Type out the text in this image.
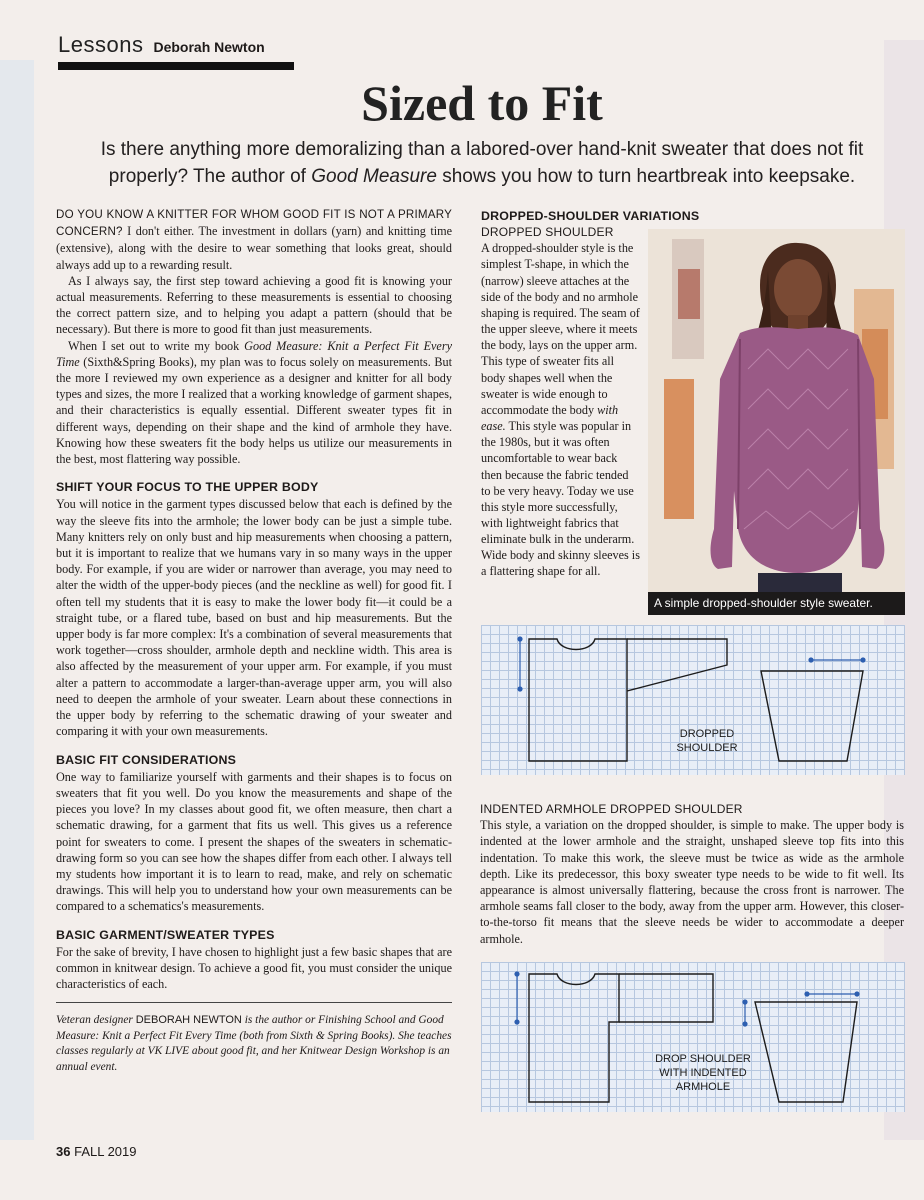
Lessons Deborah Newton
Sized to Fit
Is there anything more demoralizing than a labored-over hand-knit sweater that does not fit properly? The author of Good Measure shows you how to turn heartbreak into keepsake.

DO YOU KNOW A KNITTER FOR WHOM GOOD FIT IS NOT A PRIMARY CONCERN? I don't either. The investment in dollars (yarn) and knitting time (extensive), along with the desire to wear something that looks great, should always add up to a rewarding result.

As I always say, the first step toward achieving a good fit is knowing your actual measurements. Referring to these measurements is essential to choosing the correct pattern size, and to helping you adapt a pattern (should that be necessary). But there is more to good fit than just measurements.

When I set out to write my book Good Measure: Knit a Perfect Fit Every Time (Sixth&Spring Books), my plan was to focus solely on measurements. But the more I reviewed my own experience as a designer and knitter for all body types and sizes, the more I realized that a working knowledge of garment shapes, and their characteristics is equally essential. Different sweater types fit in different ways, depending on their shape and the kind of armhole they have. Knowing how these sweaters fit the body helps us utilize our measurements in the best, most flattering way possible.

SHIFT YOUR FOCUS TO THE UPPER BODY

You will notice in the garment types discussed below that each is defined by the way the sleeve fits into the armhole; the lower body can be just a simple tube. Many knitters rely on only bust and hip measurements when choosing a pattern, but it is important to realize that we humans vary in so many ways in the upper body. For example, if you are wider or narrower than average, you may need to alter the width of the upper-body pieces (and the neckline as well) for good fit. I often tell my students that it is easy to make the lower body fit—it could be a straight tube, or a flared tube, based on bust and hip measurements. But the upper body is far more complex: It's a combination of several measurements that work together—cross shoulder, armhole depth and neckline width. This area is also affected by the measurement of your upper arm. For example, if you must alter a pattern to accommodate a larger-than-average upper arm, you will also need to deepen the armhole of your sweater. Learn about these connections in the upper body by referring to the schematic drawing of your sweater and comparing it with your own measurements.

BASIC FIT CONSIDERATIONS

One way to familiarize yourself with garments and their shapes is to focus on sweaters that fit you well. Do you know the measurements and shape of the pieces you love? In my classes about good fit, we often measure, then chart a schematic drawing, for a garment that fits us well. This gives us a reference point for sweaters to come. I present the shapes of the sweaters in schematic-drawing form so you can see how the shapes differ from each other. I always tell my students how important it is to learn to read, make, and rely on schematic drawings. This will help you to understand how your own measurements can be compared to a schematics's measurements.

BASIC GARMENT/SWEATER TYPES

For the sake of brevity, I have chosen to highlight just a few basic shapes that are common in knitwear design. To achieve a good fit, you must consider the unique characteristics of each.

Veteran designer DEBORAH NEWTON is the author or Finishing School and Good Measure: Knit a Perfect Fit Every Time (both from Sixth & Spring Books). She teaches classes regularly at VK LIVE about good fit, and her Knitwear Design Workshop is an annual event.

DROPPED-SHOULDER VARIATIONS
DROPPED SHOULDER

A dropped-shoulder style is the simplest T-shape, in which the (narrow) sleeve attaches at the side of the body and no armhole shaping is required. The seam of the upper sleeve, where it meets the body, lays on the upper arm. This type of sweater fits all body shapes well when the sweater is wide enough to accommodate the body with ease. This style was popular in the 1980s, but it was often uncomfortable to wear back then because the fabric tended to be very heavy. Today we use this style more successfully, with lightweight fabrics that eliminate bulk in the underarm. Wide body and skinny sleeves is a flattering shape for all.

A simple dropped-shoulder style sweater.
DROPPED
SHOULDER
INDENTED ARMHOLE DROPPED SHOULDER

This style, a variation on the dropped shoulder, is simple to make. The upper body is indented at the lower armhole and the straight, unshaped sleeve top fits into this indentation. To make this work, the sleeve must be twice as wide as the armhole depth. Like its predecessor, this boxy sweater type needs to be wide to fit well. Its appearance is almost universally flattering, because the cross front is narrower. The armhole seams fall closer to the body, away from the upper arm. However, this closer-to-the-torso fit means that the sleeve needs be wider to accommodate a deeper armhole.

DROP SHOULDER
WITH INDENTED
ARMHOLE
36 FALL 2019
